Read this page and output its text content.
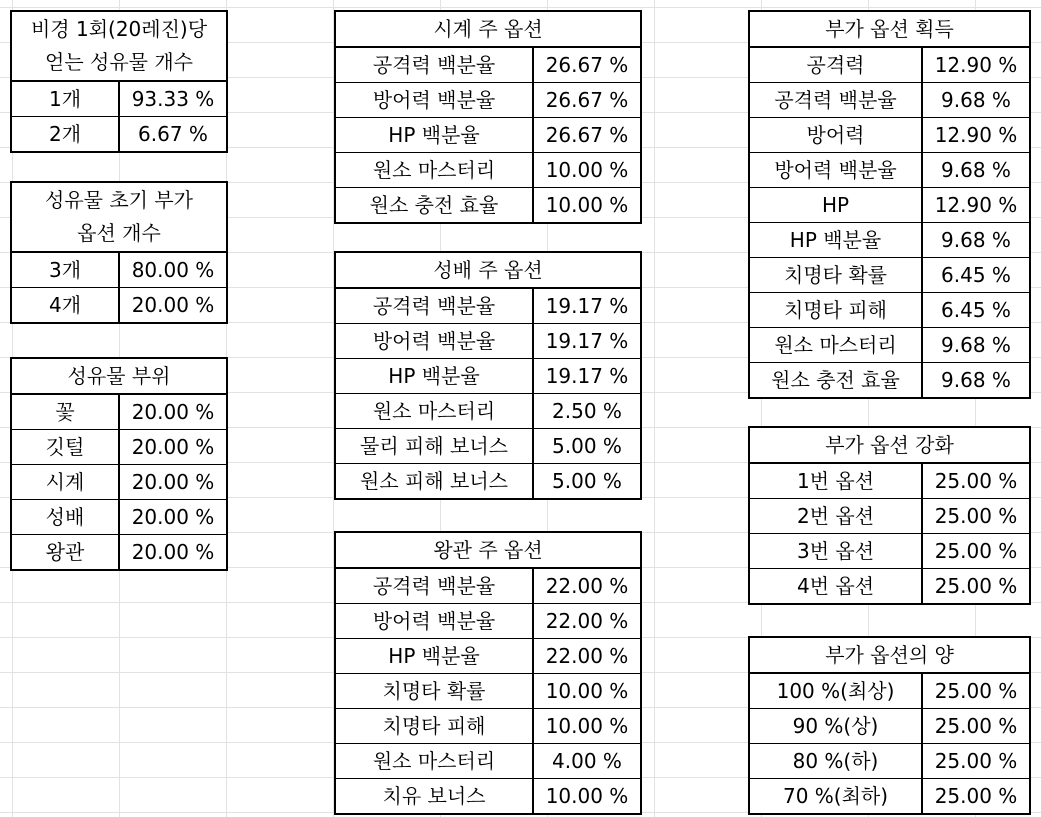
비경 1회(20레진)당
얻는 성유물 개수	
1개	93.33 %
2개	6.67 %
성유물 초기 부가
옵션 개수	
3개	80.00 %
4개	20.00 %
성유물 부위	
꽃	20.00 %
깃털	20.00 %
시계	20.00 %
성배	20.00 %
왕관	20.00 %
시계 주 옵션	
공격력 백분율	26.67 %
방어력 백분율	26.67 %
HP 백분율	26.67 %
원소 마스터리	10.00 %
원소 충전 효율	10.00 %
성배 주 옵션	
공격력 백분율	19.17 %
방어력 백분율	19.17 %
HP 백분율	19.17 %
원소 마스터리	2.50 %
물리 피해 보너스	5.00 %
원소 피해 보너스	5.00 %
왕관 주 옵션	
공격력 백분율	22.00 %
방어력 백분율	22.00 %
HP 백분율	22.00 %
치명타 확률	10.00 %
치명타 피해	10.00 %
원소 마스터리	4.00 %
치유 보너스	10.00 %
부가 옵션 획득	
공격력	12.90 %
공격력 백분율	9.68 %
방어력	12.90 %
방어력 백분율	9.68 %
HP	12.90 %
HP 백분율	9.68 %
치명타 확률	6.45 %
치명타 피해	6.45 %
원소 마스터리	9.68 %
원소 충전 효율	9.68 %
부가 옵션 강화	
1번 옵션	25.00 %
2번 옵션	25.00 %
3번 옵션	25.00 %
4번 옵션	25.00 %
부가 옵션의 양	
100 %(최상)	25.00 %
90 %(상)	25.00 %
80 %(하)	25.00 %
70 %(최하)	25.00 %
